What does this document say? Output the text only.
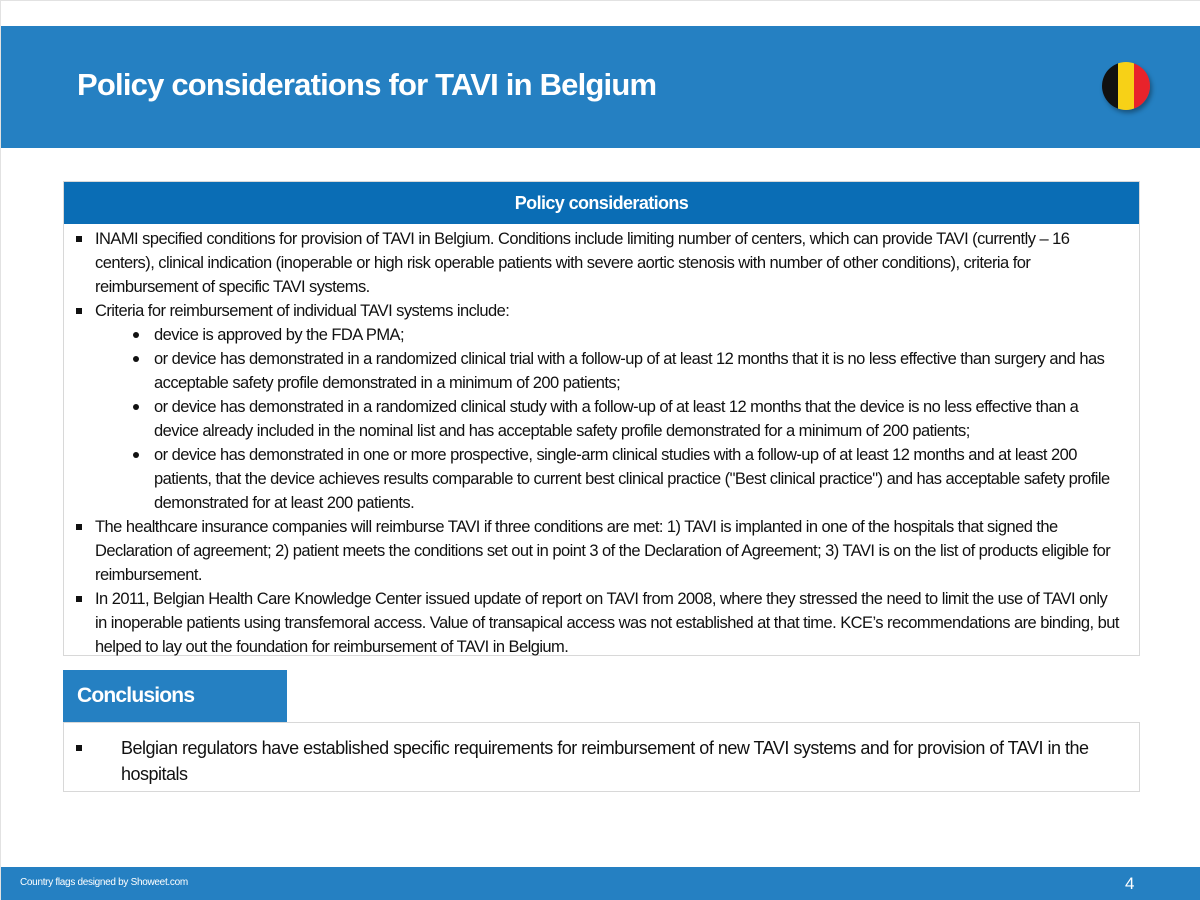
Policy considerations for TAVI in Belgium
Policy considerations
INAMI specified conditions for provision of TAVI in Belgium. Conditions include limiting number of centers, which can provide TAVI (currently – 16 centers), clinical indication (inoperable or high risk operable patients with severe aortic stenosis with number of other conditions), criteria for reimbursement of specific TAVI systems.
Criteria for reimbursement of individual TAVI systems include:
device is approved by the FDA PMA;
or device has demonstrated in a randomized clinical trial with a follow-up of at least 12 months that it is no less effective than surgery and has acceptable safety profile demonstrated in a minimum of 200 patients;
or device has demonstrated in a randomized clinical study with a follow-up of at least 12 months that the device is no less effective than a device already included in the nominal list and has acceptable safety profile demonstrated for a minimum of 200 patients;
or device has demonstrated in one or more prospective, single-arm clinical studies with a follow-up of at least 12 months and at least 200 patients, that the device achieves results comparable to current best clinical practice ("Best clinical practice") and has acceptable safety profile demonstrated for at least 200 patients.
The healthcare insurance companies will reimburse TAVI if three conditions are met: 1) TAVI is implanted in one of the hospitals that signed the Declaration of agreement; 2) patient meets the conditions set out in point 3 of the Declaration of Agreement; 3) TAVI is on the list of products eligible for reimbursement.
In 2011, Belgian Health Care Knowledge Center issued update of report on TAVI from 2008, where they stressed the need to limit the use of TAVI only in inoperable patients using transfemoral access. Value of transapical access was not established at that time. KCE’s recommendations are binding, but helped to lay out the foundation for reimbursement of TAVI in Belgium.
Conclusions
Belgian regulators have established specific requirements for reimbursement of new TAVI systems and for provision of TAVI in the hospitals
Country flags designed by Showeet.com	4
